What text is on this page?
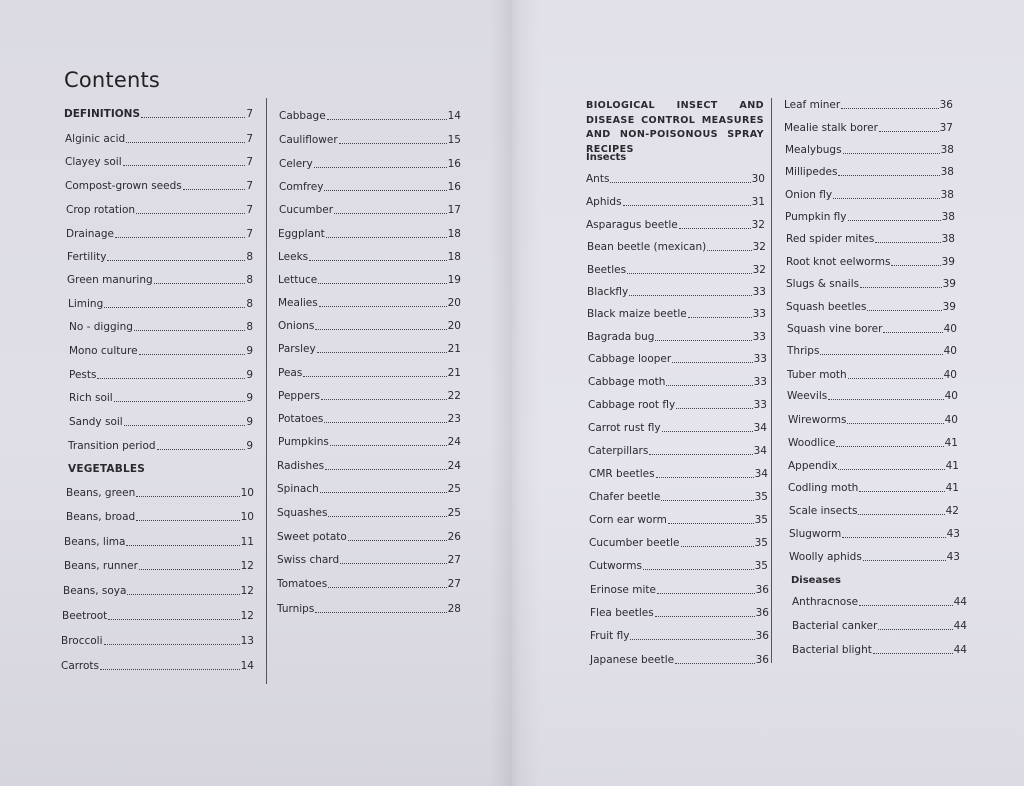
Contents
DEFINITIONS	7
Alginic acid	7
Clayey soil	7
Compost-grown seeds	7
Crop rotation	7
Drainage	7
Fertility	8
Green manuring	8
Liming	8
No - digging	8
Mono culture	9
Pests	9
Rich soil	9
Sandy soil	9
Transition period	9
VEGETABLES
Beans, green	10
Beans, broad	10
Beans, lima	11
Beans, runner	12
Beans, soya	12
Beetroot	12
Broccoli	13
Carrots	14
Cabbage	14
Cauliflower	15
Celery	16
Comfrey	16
Cucumber	17
Eggplant	18
Leeks	18
Lettuce	19
Mealies	20
Onions	20
Parsley	21
Peas	21
Peppers	22
Potatoes	23
Pumpkins	24
Radishes	24
Spinach	25
Squashes	25
Sweet potato	26
Swiss chard	27
Tomatoes	27
Turnips	28
Insects
Ants	30
Aphids	31
Asparagus beetle	32
Bean beetle (mexican)	32
Beetles	32
Blackfly	33
Black maize beetle	33
Bagrada bug	33
Cabbage looper	33
Cabbage moth	33
Cabbage root fly	33
Carrot rust fly	34
Caterpillars	34
CMR beetles	34
Chafer beetle	35
Corn ear worm	35
Cucumber beetle	35
Cutworms	35
Erinose mite	36
Flea beetles	36
Fruit fly	36
Japanese beetle	36
Leaf miner	36
Mealie stalk borer	37
Mealybugs	38
Millipedes	38
Onion fly	38
Pumpkin fly	38
Red spider mites	38
Root knot eelworms	39
Slugs & snails	39
Squash beetles	39
Squash vine borer	40
Thrips	40
Tuber moth	40
Weevils	40
Wireworms	40
Woodlice	41
Appendix	41
Codling moth	41
Scale insects	42
Slugworm	43
Woolly aphids	43
Diseases
Anthracnose	44
Bacterial canker	44
Bacterial blight	44
BIOLOGICAL INSECT AND DISEASE CONTROL MEASURES AND NON-POISONOUS SPRAY RECIPES
